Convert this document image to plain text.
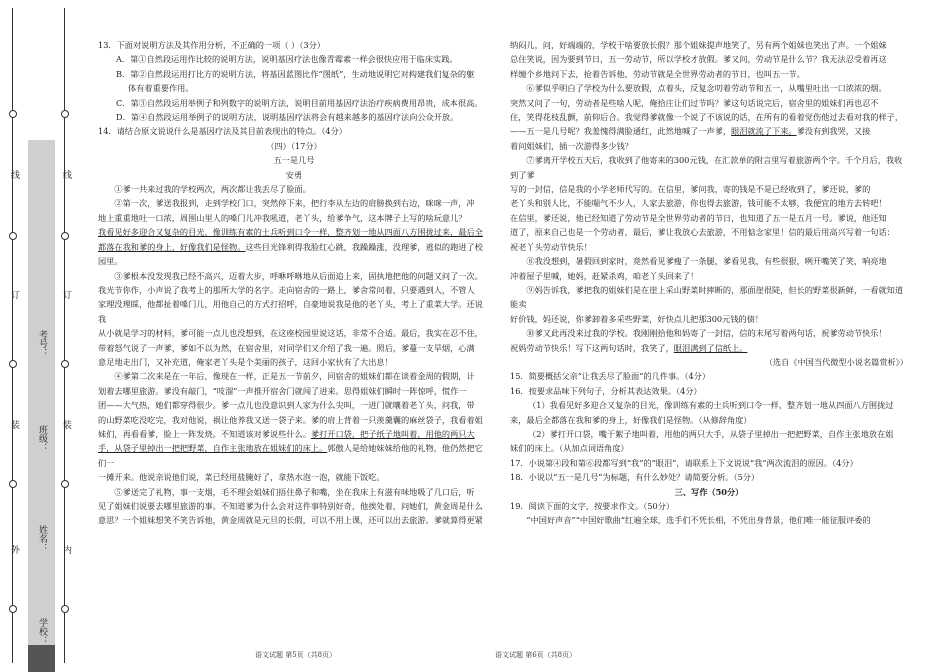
线
订
装
外
线
订
装
内
考号：
班级：
姓名：
学校：

13．下面对说明方法及其作用分析，不正确的一项（ ）（3分）

A．第①自然段运用作比较的说明方法，说明基因疗法也像青霉素一样会很快应用于临床实践。

B．第②自然段运用打比方的说明方法，将基因蓝图比作“图纸”，生动地说明它对构建我们复杂的躯

体有着重要作用。

C．第③自然段运用举例子和列数字的说明方法，说明目前用基因疗法治疗疾病费用昂贵，成本很高。

D．第④自然段运用举例子的说明方法，说明基因疗法将会有越来越多的基因疗法向公众开放。

14．请结合原文说说什么是基因疗法及其目前表现出的特点。（4分）

（四）（17分）

五一是几号

安勇

①爹一共来过我的学校两次，两次都让我丢尽了脸面。

②第一次，爹送我报到，走到学校门口，突然停下来，把行李从左边的肩膀换到右边，咪咪一声，冲

地上重重地吐一口浓，周围山里人的嗓门儿冲我吼道，老丫头，给爹争气，这本牌子上写的啥玩意儿？

我看见好多迎合又复杂的目光，像训练有素的士兵听到口令一样，整齐划一地从四面八方围拢过来，最后全

都落在我和爹的身上，好像我们是怪物。这些目光锋利得我脸红心跳，我躁躁涨，没理爹，逃似的跑进了校

园里。

③爹根本没发现我已经不高兴，迈着大步，呼咻呼咻地从后面追上来，固执地把他的问题又问了一次。

我光节你作，小声说了我考上的那所大学的名字。走向宿舍的一路上，爹舍常问着，只要遇到人，不管人

家理没理睬，他都扯着嗓门儿，用他自己的方式打招呼，自豪地说我是他的老丫头，考上了重菜大学。还说我

从小就是学习的材料，爹可能一点儿也没想到，在这座校园里说这话，非常不合适。最后，我实在忍不住，

带着怒气说了一声爹，爹如不以为然，在宿舍里，对同学们又介绍了我一遍。照后，爹蔓一支旱烟，心满

意足地走出门，又补充道，俺家老丫头是个美丽的孩子，这回小家伙有了大出息！

④爹第二次来是在一年后，像现在一样，正是五一节前夕，同宿舍的姐妹们都在谈着金周的假期，计

划着去哪里旅游。爹没有敲门，“吱溜”一声推开宿舍门就闯了进来。思得姐妹们瞬时一阵惊呼，慌作一

团——大气热，她们都穿得很少。爹一点儿也没意识到人家为什么尖叫，一进门就嚷着老丫头，问我，带

的山野菜吃没吃完，我对他说，祸让他养我又送一袋子来。爹的肩上背着一只羡羹囊的麻丝袋子，我看着姐

妹们，再看看爹，脸上一阵发烧。不知道该对爹说些什么。爹打开口袋，把子纸子地叫着，用他的两只大

手，从袋子里掉出一把把野菜，自作主张地放在姐妹们的床上。郭傲人是给她妹妹给他的礼物，他仍然把它们一

一摊开来。他说亲说他们说，菜已经用盐腌好了，拿热水泡一泡，就能下饭吃。

⑤爹送完了礼物，事一支烟，毛不理会姐妹们捂住鼻子和嘴，坐在我床上有滋有味地吸了几口后，听

见了姐妹们说要去哪里旅游的事。不知道爹为什么会对这件事特别好奇，他挨处着，问她们，黄金周是什么

意思？一个姐妹想笑不笑告诉他，黄金周就是元旦的长假，可以不用上课，还可以出去旅游。爹就算得更紧

纳闷儿，问，好端端的，学校干啥要放长假？那个姐妹提声地笑了，另有两个姐妹也笑出了声。一个姐妹

总住笑说，因为要到节日，五一劳动节，所以学校才放假。爹又问，劳动节是什么节？我无法忍受着再这

样缠个乡地问下去，抢着告诉他，劳动节就是全世界劳动者的节日，也叫五一节。

⑥爹似乎明白了学校为什么要放假，点着头，反复念叨着劳动节和五一，从嘴里吐出一口浓浓的烟。

突然又问了一句，劳动者是些啥人呢，俺拾庄让们过节吗？爹这句话说完后，宿舍里的姐妹们再也忍不

住，笑得花枝乱颤，前仰后合。我觉得爹就像一个说了不该说的话，在所有的看着觉伤他过去看对我的样子，

——五一是几号呢？我羞愧得满脸通红，此然地喊了一声爹，眼泪就流了下来。爹没有到我哭，又接

着问姐妹们，插一次游得多少钱？

⑦爹离开学校五天后，我收到了他寄来的300元钱，在汇款单的附言里写着旅游两个字。千个月后，我收到了爹

写的一封信，信是我的小学老师代写的。在信里，爹问我，寄的钱是不是已经收到了，爹还说，爹的

老丫头和别人比，不能喘气不少人，人家去旅游，你也得去旅游，钱可能不太够，我便宜的地方去转吧！

在信里，爹还说，他已经知道了劳动节是全世界劳动者的节日，也知道了五一是五月一号。爹说，他还知

道了，原来自己也是一个劳动者，最后，爹让我放心去旅游，不用惦念家里！信的最后用高兴写着一句话：

祝老丫头劳动节快乐！

⑧我没想到，暑假回到家时，竟然看见爹瘦了一条腿，爹看见我，有些很狠，咧开嘴笑了笑，响亮地

冲着屋子里喊，她妈，赶紧杀鸡，咱老丫头回来了！

⑨妈告诉我，爹把我的姐妹们是在崖上采山野菜时摔断的，那面崖很陡，但长的野菜很新鲜，一看就知道能卖

好价钱，妈还说，你爹卸着多采些野菜，好快点儿把那300元钱的债！

⑩爹又此再没来过我的学校。我刚刚拾他和妈寄了一封信，信的末尾写着两句话，祝爹劳动节快乐！

祝妈劳动节快乐！写下这两句话时，我笑了，眼泪满到了信纸上。

（选自《中国当代微型小说名篇赏析》）

15．简要概括父亲“让我丢尽了脸面”的几件事。（4分）

16．按要求品味下列句子，分析其表达效果。（4分）

（1）我看见好多迎合又复杂的目光，像训练有素的士兵听到口令一样，整齐划一地从四面八方围拢过

来，最后全都落在我和爹的身上，好像我们是怪物。（从修辞角度）

（2）爹打开口袋，嘴于絮子地叫着，用他的两只大手，从袋子里掉出一把把野菜，自作主张地放在姐

妹们的床上。（从加点词语角度）

17．小说第④段和第⑥段都写到“我”的“眼泪”，请联系上下文说说“我”两次流泪的原因。（4分）

18．小说以“五一是几号”为标题，有什么妙处？请简要分析。（5分）

三、写作（50分）

19．阅读下面的文字，按要求作文。（50分）

“中国好声音”“中国好歌曲”红遍全球，选手们不凭长相，不凭出身背景，他们唯一能征服评委的

语文试题 第5页（共8页）	语文试题 第6页（共8页）
